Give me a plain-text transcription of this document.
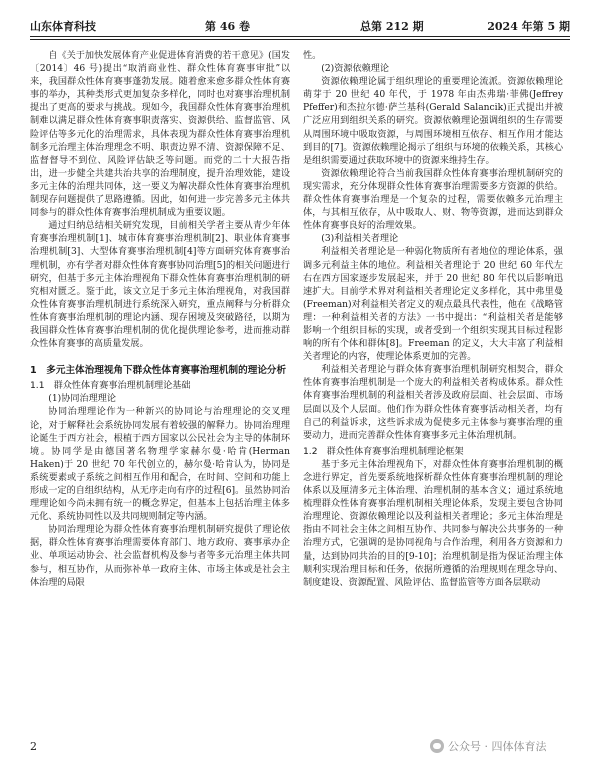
山东体育科技	第 46 卷	总第 212 期	2024 年第 5 期

自《关于加快发展体育产业促进体育消费的若干意见》(国发〔2014〕46 号)提出“取消商业性、群众性体育赛事审批”以来，我国群众性体育赛事蓬勃发展。随着愈来愈多群众性体育赛事的举办，其种类形式更加复杂多样化，同时也对赛事治理机制提出了更高的要求与挑战。现如今，我国群众性体育赛事治理机制难以满足群众性体育赛事职责落实、资源供给、监督监管、风险评估等多元化的治理需求，具体表现为群众性体育赛事治理机制多元治理主体治理理念不明、职责边界不清、资源保障不足、监督督导不到位、风险评估缺乏等问题。而党的二十大报告指出，进一步健全共建共治共享的治理制度，提升治理效能，建设多元主体的治理共同体，这一要义为解决群众性体育赛事治理机制现存问题提供了思路遵循。因此，如何进一步完善多元主体共同参与的群众性体育赛事治理机制成为重要议题。

通过归纳总结相关研究发现，目前相关学者主要从青少年体育赛事治理机制[1]、城市体育赛事治理机制[2]、职业体育赛事治理机制[3]、大型体育赛事治理机制[4]等方面研究体育赛事治理机制，亦有学者对群众性体育赛事协同治理[5]的相关问题进行研究，但基于多元主体治理视角下群众性体育赛事治理机制的研究相对匮乏。鉴于此，该文立足于多元主体治理视角，对我国群众性体育赛事治理机制进行系统深入研究，重点阐释与分析群众性体育赛事治理机制的理论内涵、现存困境及突破路径，以期为我国群众性体育赛事治理机制的优化提供理论参考，进而推动群众性体育赛事的高质量发展。

1　多元主体治理视角下群众性体育赛事治理机制的理论分析

1.1　群众性体育赛事治理机制理论基础

(1)协同治理理论

协同治理理论作为一种新兴的协同论与治理理论的交叉理论，对于解释社会系统协同发展有着较强的解释力。协同治理理论诞生于西方社会，根植于西方国家以公民社会为主导的体制环境。协同学是由德国著名物理学家赫尔曼·哈肯(Herman Haken)于 20 世纪 70 年代创立的，赫尔曼·哈肯认为，协同是系统要素或子系统之间相互作用和配合，在时间、空间和功能上形成一定的自组织结构，从无序走向有序的过程[6]。虽然协同治理理论如今尚未拥有统一的概念界定，但基本上包括治理主体多元化、系统协同性以及共同规则制定等内涵。

协同治理理论为群众性体育赛事治理机制研究提供了理论依据，群众性体育赛事治理需要体育部门、地方政府、赛事承办企业、单项运动协会、社会监督机构及参与者等多元治理主体共同参与，相互协作，从而弥补单一政府主体、市场主体或是社会主体治理的局限

性。

(2)资源依赖理论

资源依赖理论属于组织理论的重要理论流派。资源依赖理论萌芽于 20 世纪 40 年代，于 1978 年由杰弗瑞·菲佛(Jeffrey Pfeffer)和杰拉尔德·萨兰基科(Gerald Salancik)正式提出并被广泛应用到组织关系的研究。资源依赖理论强调组织的生存需要从周围环境中吸取资源，与周围环境相互依存、相互作用才能达到目的[7]。资源依赖理论揭示了组织与环境的依赖关系，其核心是组织需要通过获取环境中的资源来维持生存。

资源依赖理论符合当前我国群众性体育赛事治理机制研究的现实需求，充分体现群众性体育赛事治理需要多方资源的供给。群众性体育赛事治理是一个复杂的过程，需要依赖多元治理主体，与其相互依存，从中吸取人、财、物等资源，进而达到群众性体育赛事良好的治理效果。

(3)利益相关者理论

利益相关者理论是一种弱化物质所有者地位的理论体系，强调多元利益主体的地位。利益相关者理论于 20 世纪 60 年代左右在西方国家逐步发展起来，并于 20 世纪 80 年代以后影响迅速扩大。目前学术界对利益相关者理论定义多样化，其中弗里曼(Freeman)对利益相关者定义的观点最具代表性，他在《战略管理：一种利益相关者的方法》一书中提出：“利益相关者是能够影响一个组织目标的实现，或者受到一个组织实现其目标过程影响的所有个体和群体[8]。Freeman 的定义，大大丰富了利益相关者理论的内容，使理论体系更加的完善。

利益相关者理论与群众体育赛事治理机制研究相契合，群众性体育赛事治理机制是一个庞大的利益相关者构成体系。群众性体育赛事治理机制的利益相关者涉及政府层面、社会层面、市场层面以及个人层面。他们作为群众性体育赛事活动相关者，均有自己的利益诉求，这些诉求成为促使多元主体参与赛事治理的重要动力，进而完善群众性体育赛事多元主体治理机制。

1.2　群众性体育赛事治理机制理论框架

基于多元主体治理视角下，对群众性体育赛事治理机制的概念进行界定，首先要系统地探析群众性体育赛事治理机制的理论体系以及厘清多元主体治理、治理机制的基本含义；通过系统地梳理群众性体育赛事治理机制相关理论体系，发现主要包含协同治理理论、资源依赖理论以及利益相关者理论；多元主体治理是指由不同社会主体之间相互协作、共同参与解决公共事务的一种治理方式，它强调的是协同视角与合作治理，利用各方资源和力量，达到协同共治的目的[9-10]；治理机制是指为保证治理主体顺利实现治理目标和任务，依据所遵循的治理规则在理念导向、制度建设、资源配置、风险评估、监督监管等方面各层联动

2	公众号 · 四体体育法
